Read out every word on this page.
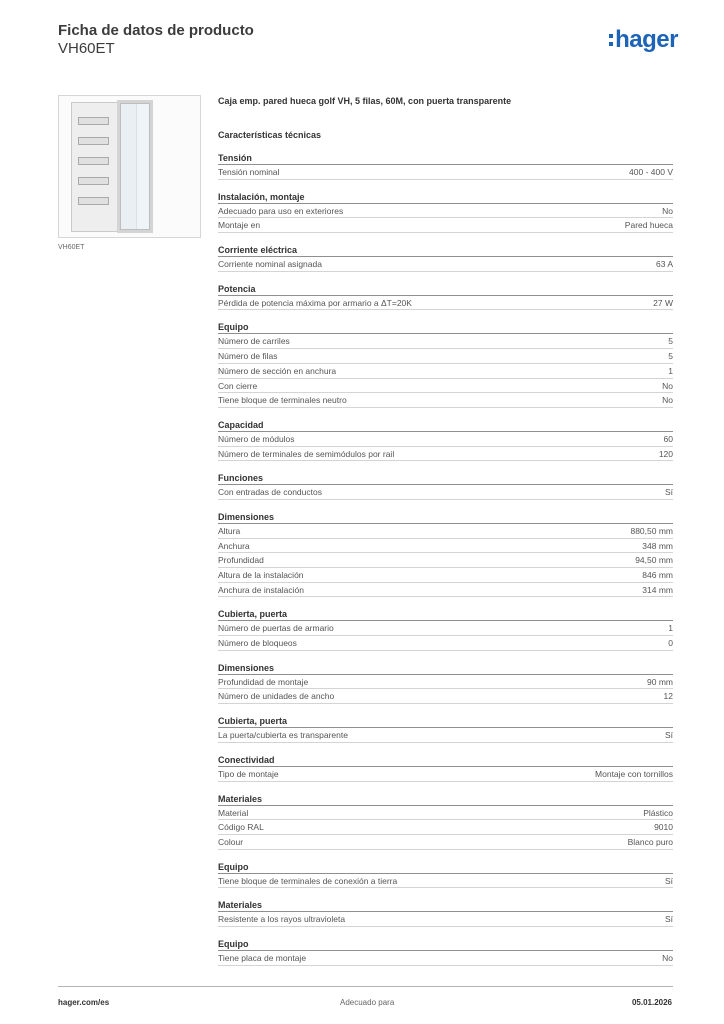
Ficha de datos de producto
VH60ET	hager
VH60ET
Caja emp. pared hueca golf VH, 5 filas, 60M, con puerta transparente
Características técnicas
Tensión
Tensión nominal	400 - 400 V
Instalación, montaje
Adecuado para uso en exteriores	No
Montaje en	Pared hueca
Corriente eléctrica
Corriente nominal asignada	63 A
Potencia
Pérdida de potencia máxima por armario a ΔT=20K	27 W
Equipo
Número de carriles	5
Número de filas	5
Número de sección en anchura	1
Con cierre	No
Tiene bloque de terminales neutro	No
Capacidad
Número de módulos	60
Número de terminales de semimódulos por rail	120
Funciones
Con entradas de conductos	Sí
Dimensiones
Altura	880,50 mm
Anchura	348 mm
Profundidad	94,50 mm
Altura de la instalación	846 mm
Anchura de instalación	314 mm
Cubierta, puerta
Número de puertas de armario	1
Número de bloqueos	0
Dimensiones
Profundidad de montaje	90 mm
Número de unidades de ancho	12
Cubierta, puerta
La puerta/cubierta es transparente	Sí
Conectividad
Tipo de montaje	Montaje con tornillos
Materiales
Material	Plástico
Código RAL	9010
Colour	Blanco puro
Equipo
Tiene bloque de terminales de conexión a tierra	Sí
Materiales
Resistente a los rayos ultravioleta	Sí
Equipo
Tiene placa de montaje	No
hager.com/es	Adecuado para	05.01.2026
